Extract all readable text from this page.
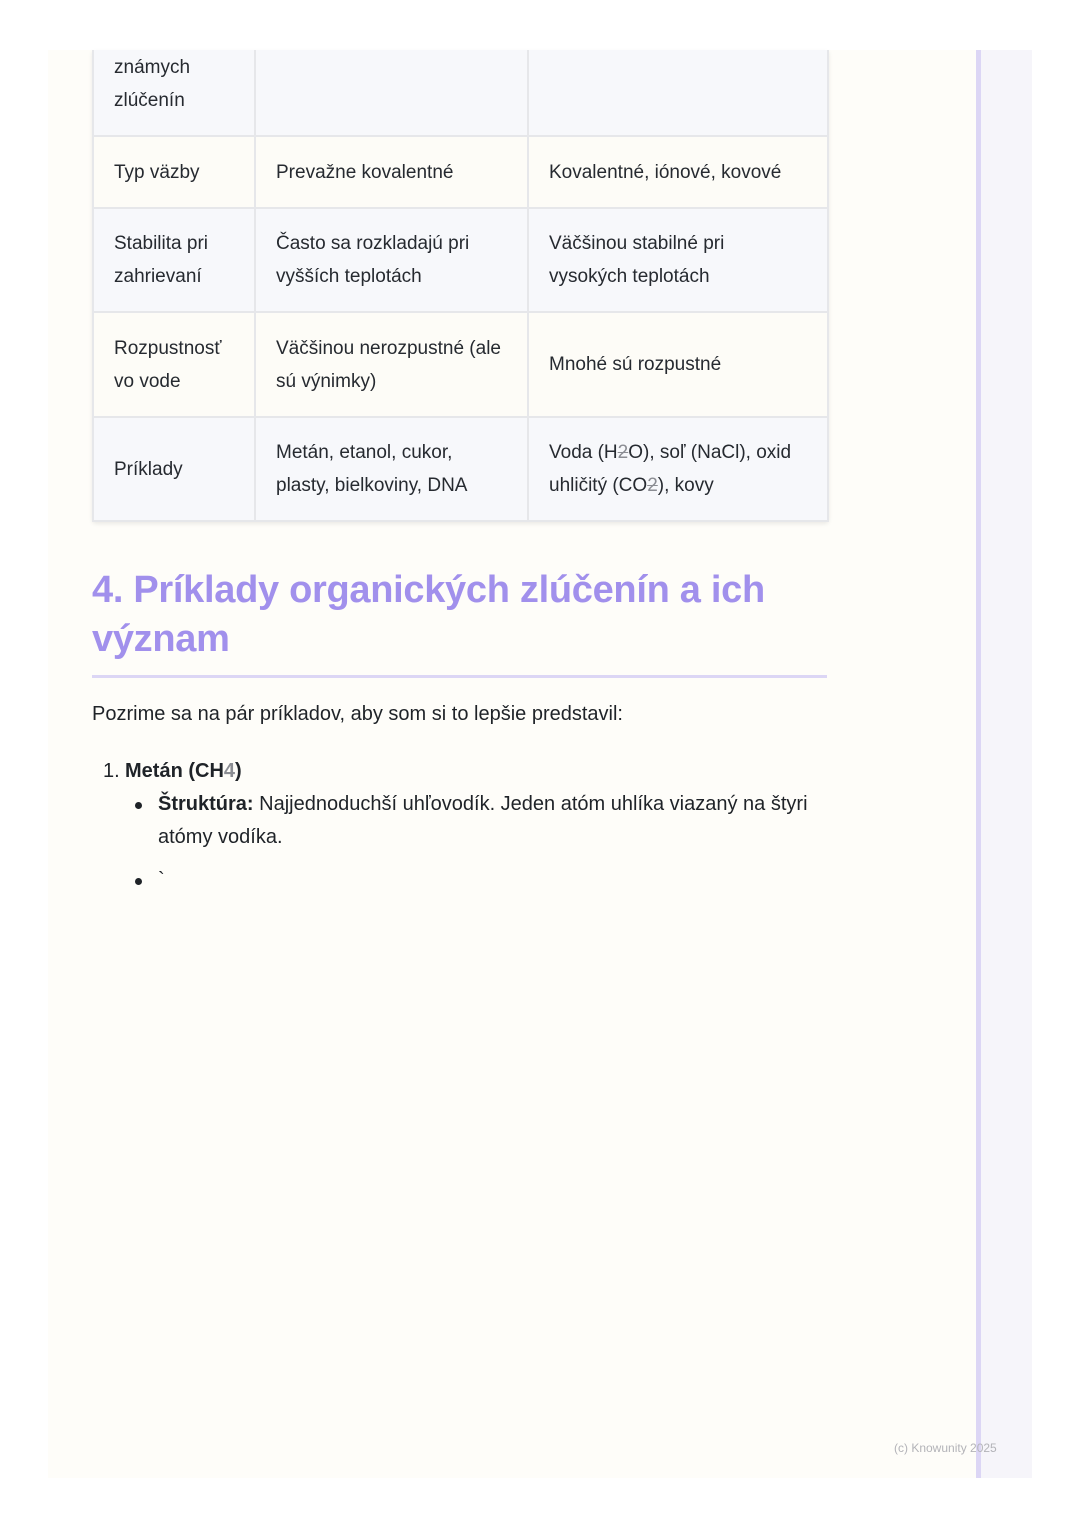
známych zlúčenín		
Typ väzby	Prevažne kovalentné	Kovalentné, iónové, kovové
Stabilita pri zahrievaní	Často sa rozkladajú pri vyšších teplotách	Väčšinou stabilné pri vysokých teplotách
Rozpustnosť vo vode	Väčšinou nerozpustné (ale sú výnimky)	Mnohé sú rozpustné
Príklady	Metán, etanol, cukor, plasty, bielkoviny, DNA	Voda (H2O), soľ (NaCl), oxid uhličitý (CO2), kovy
4. Príklady organických zlúčenín a ich význam

Pozrime sa na pár príkladov, aby som si to lepšie predstavil:

1. Metán (CH4)
Štruktúra: Najjednoduchší uhľovodík. Jeden atóm uhlíka viazaný na štyri atómy vodíka.
`
(c) Knowunity 2025
